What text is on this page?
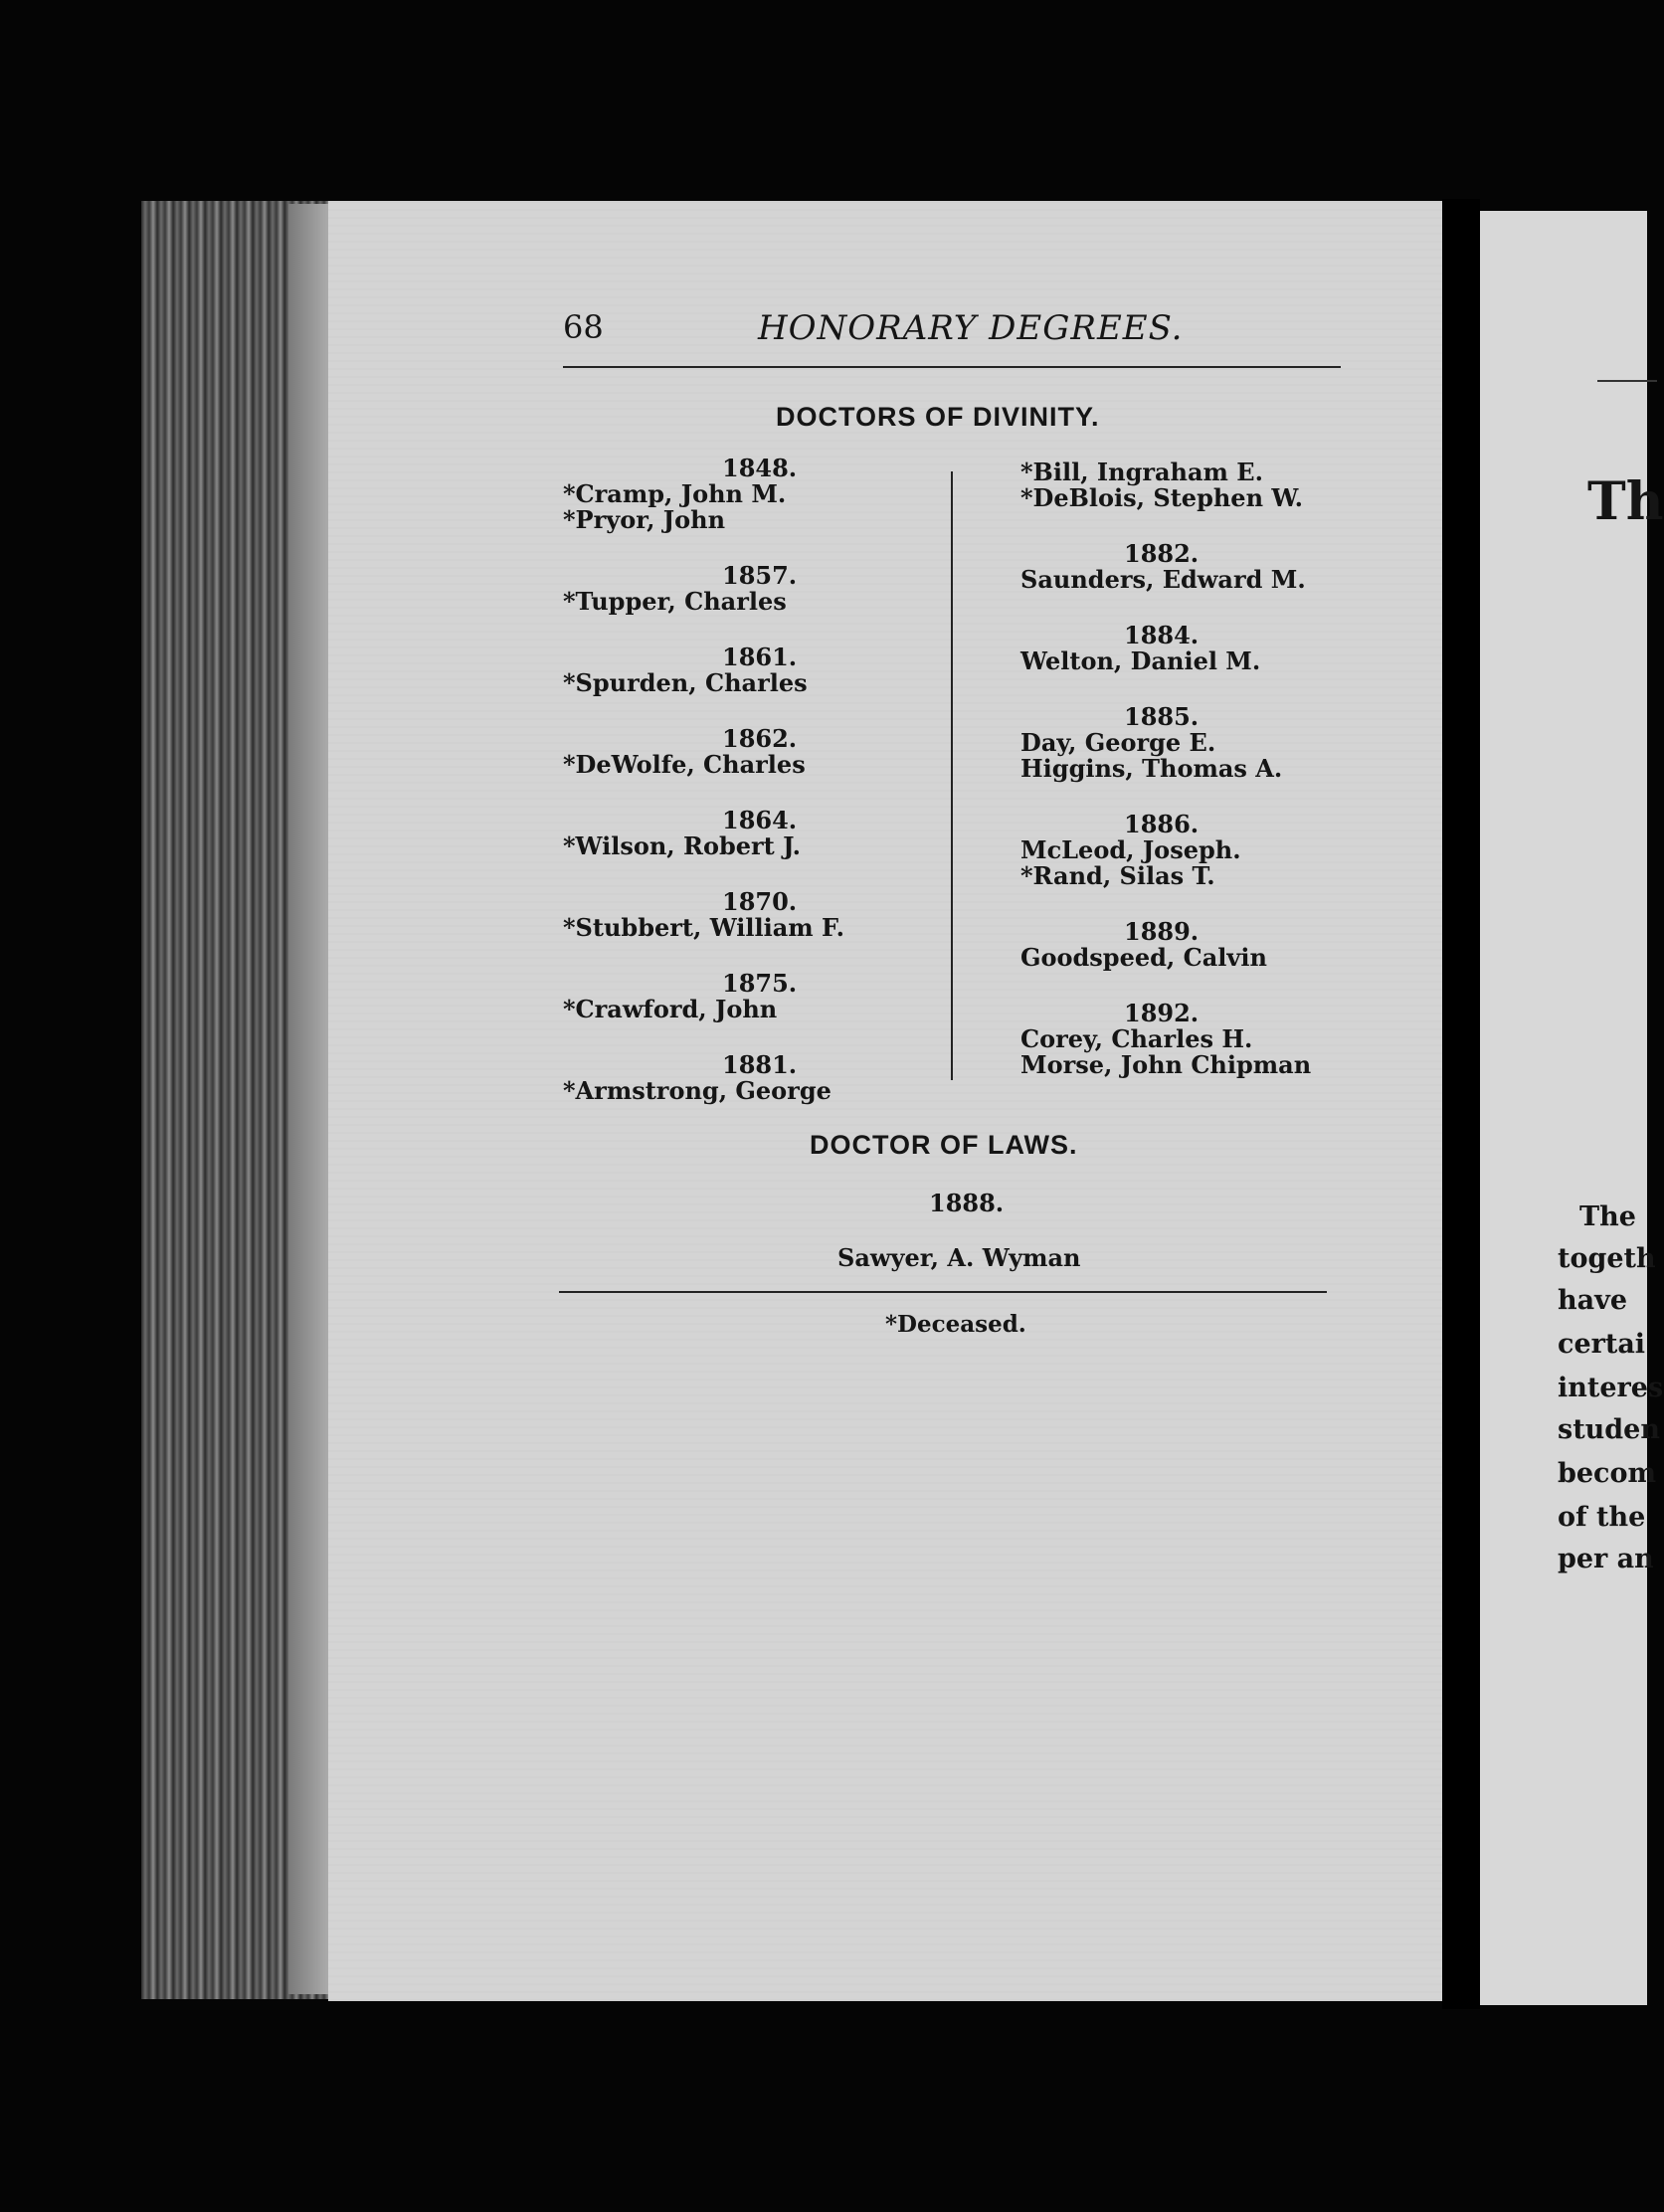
68	HONORARY DEGREES.
DOCTORS OF DIVINITY.
1848.
*Cramp, John M.
*Pryor, John
1857.
*Tupper, Charles
1861.
*Spurden, Charles
1862.
*DeWolfe, Charles
1864.
*Wilson, Robert J.
1870.
*Stubbert, William F.
1875.
*Crawford, John
1881.
*Armstrong, George
*Bill, Ingraham E.
*DeBlois, Stephen W.
1882.
Saunders, Edward M.
1884.
Welton, Daniel M.
1885.
Day, George E.
Higgins, Thomas A.
1886.
McLeod, Joseph.
*Rand, Silas T.
1889.
Goodspeed, Calvin
1892.
Corey, Charles H.
Morse, John Chipman
DOCTOR OF LAWS.
1888.
Sawyer, A. Wyman
*Deceased.
Th
The
togeth
have
certai
interes
studen
becom
of the
per an
